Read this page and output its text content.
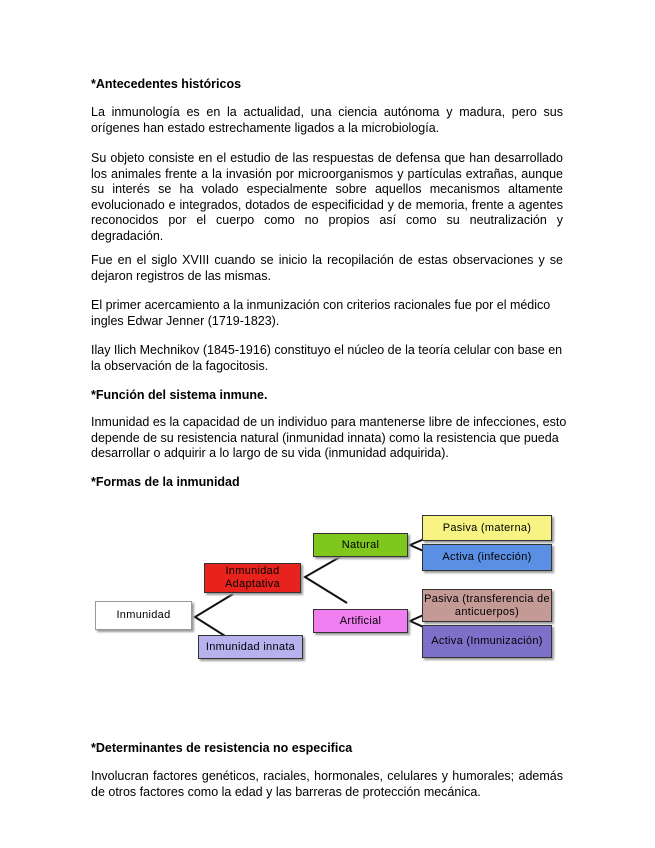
*Antecedentes históricos

La inmunología es en la actualidad, una ciencia autónoma y madura, pero sus orígenes han estado estrechamente ligados a la microbiología.

Su objeto consiste en el estudio de las respuestas de defensa que han desarrollado los animales frente a la invasión por microorganismos y partículas extrañas, aunque su interés se ha volado especialmente sobre aquellos mecanismos altamente evolucionado e integrados, dotados de especificidad y de memoria, frente a agentes reconocidos por el cuerpo como no propios así como su neutralización y degradación.

Fue en el siglo XVIII cuando se inicio la recopilación de estas observaciones y se dejaron registros de las mismas.

El primer acercamiento a la inmunización con criterios racionales fue por el médico ingles Edwar Jenner (1719-1823).

Ilay Ilich Mechnikov (1845-1916) constituyo el núcleo de la teoría celular con base en la observación de la fagocitosis.

*Función del sistema inmune.

Inmunidad es la capacidad de un individuo para mantenerse libre de infecciones, esto depende de su resistencia natural (inmunidad innata) como la resistencia que pueda desarrollar o adquirir a lo largo de su vida (inmunidad adquirida).

*Formas de la inmunidad
Inmunidad
Inmunidad Adaptativa
Inmunidad innata
Natural
Artificial
Pasiva (materna)
Activa (infección)
Pasiva (transferencia de anticuerpos)
Activa (Inmunización)
*Determinantes de resistencia no especifica

Involucran factores genéticos, raciales, hormonales, celulares y humorales; además de otros factores como la edad y las barreras de protección mecánica.
